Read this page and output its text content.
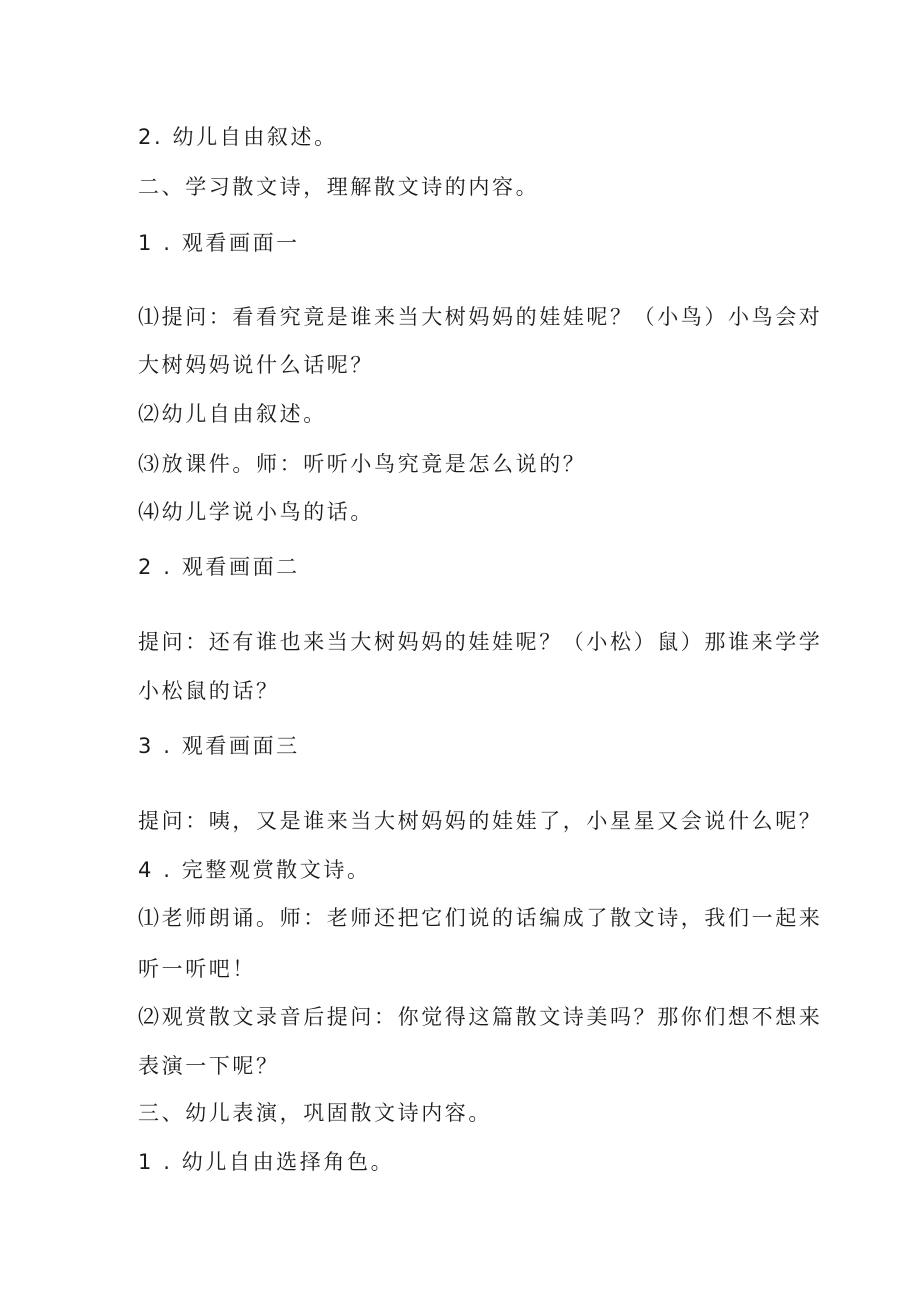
2. 幼儿自由叙述。

二、学习散文诗，理解散文诗的内容。

1 . 观看画面一

⑴提问：看看究竟是谁来当大树妈妈的娃娃呢？（小鸟）小鸟会对

大树妈妈说什么话呢？

⑵幼儿自由叙述。

⑶放课件。师：听听小鸟究竟是怎么说的？

⑷幼儿学说小鸟的话。

2 . 观看画面二

提问：还有谁也来当大树妈妈的娃娃呢？（小松）鼠）那谁来学学

小松鼠的话？

3 . 观看画面三

提问：咦，又是谁来当大树妈妈的娃娃了，小星星又会说什么呢？

4 . 完整观赏散文诗。

⑴老师朗诵。师：老师还把它们说的话编成了散文诗，我们一起来

听一听吧！

⑵观赏散文录音后提问：你觉得这篇散文诗美吗？那你们想不想来

表演一下呢？

三、幼儿表演，巩固散文诗内容。

1 . 幼儿自由选择角色。
